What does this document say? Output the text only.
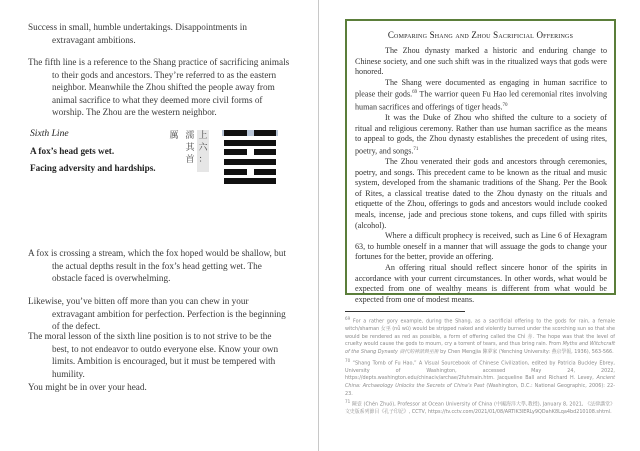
Success in small, humble undertakings. Disappointments in extravagant ambitions.

The fifth line is a reference to the Shang practice of sacrificing animals to their gods and ancestors. They’re referred to as the eastern neighbor. Meanwhile the Zhou shifted the people away from animal sacrifice to what they deemed more civil forms of worship. The Zhou are the western neighbor.

Sixth Line
A fox’s head gets wet.
Facing adversity and hardships.
上
六
：
濡
其
首
厲

A fox is crossing a stream, which the fox hoped would be shallow, but the actual depths result in the fox’s head getting wet. The obstacle faced is overwhelming.

Likewise, you’ve bitten off more than you can chew in your extravagant ambition for perfection. Perfection is the beginning of the defect.

The moral lesson of the sixth line position is to not strive to be the best, to not endeavor to outdo everyone else. Know your own limits. Ambition is encouraged, but it must be tempered with humility.

You might be in over your head.

Comparing Shang and Zhou Sacrificial Offerings

The Zhou dynasty marked a historic and enduring change to Chinese society, and one such shift was in the ritualized ways that gods were honored.

The Shang were documented as engaging in human sacrifice to please their gods.$^{69}$ The warrior queen Fu Hao led ceremonial rites involving human sacrifices and offerings of tiger heads.$^{70}$

It was the Duke of Zhou who shifted the culture to a society of ritual and religious ceremony. Rather than use human sacrifice as the means to appeal to gods, the Zhou dynasty establishes the precedent of using rites, poetry, and songs.$^{71}$

The Zhou venerated their gods and ancestors through ceremonies, poetry, and songs. This precedent came to be known as the ritual and music system, developed from the shamanic traditions of the Shang. Per the Book of Rites, a classical treatise dated to the Zhou dynasty on the rituals and etiquette of the Zhou, offerings to gods and ancestors would include cooked meals, incense, jade and precious stone tokens, and cups filled with spirits (alcohol).

Where a difficult prophecy is received, such as Line 6 of Hexagram 63, to humble oneself in a manner that will assuage the gods to change your fortunes for the better, provide an offering.

An offering ritual should reflect sincere honor of the spirits in accordance with your current circumstances. In other words, what would be expected from one of wealthy means is different from what would be expected from one of modest means.

$^{69}$ For a rather gory example, during the Shang, as a sacrificial offering to the gods for rain, a female witch/shaman 女巫 (nǚ wū) would be stripped naked and violently burned under the scorching sun so that she would be rendered as red as possible, a form of offering called the Chì 赤. The hope was that the level of cruelty would cause the gods to mourn, cry a torrent of tears, and thus bring rain. From Myths and Witchcraft of the Shang Dynasty 商代的神話與巫術 by Chen Mengjia 陳夢家 (Yenching University: 燕京學報, 1936), 563-566.

$^{70}$ “Shang Tomb of Fu Hao,” A Visual Sourcebook of Chinese Civilization, edited by Patricia Buckley Ebrey, University of Washington, accessed May 24, 2022, https://depts.washington.edu/chinaciv/archae/2fuhmain.htm. Jacqueline Ball and Richard H. Levey, Ancient China: Archaeology Unlocks the Secrets of China’s Past (Washington, D.C.: National Geographic, 2006): 22-23.

$^{71}$ 陳壹 (Chén Zhuó), Professor at Ocean University of China (中國海洋大學,教授), January 8, 2021, 《法律講堂》文史版系列節目《孔子印記》, CCTV, https://tv.cctv.com/2021/01/08/ARTIK3lERLy9QDahK8Lqa4bd210108.shtml.
